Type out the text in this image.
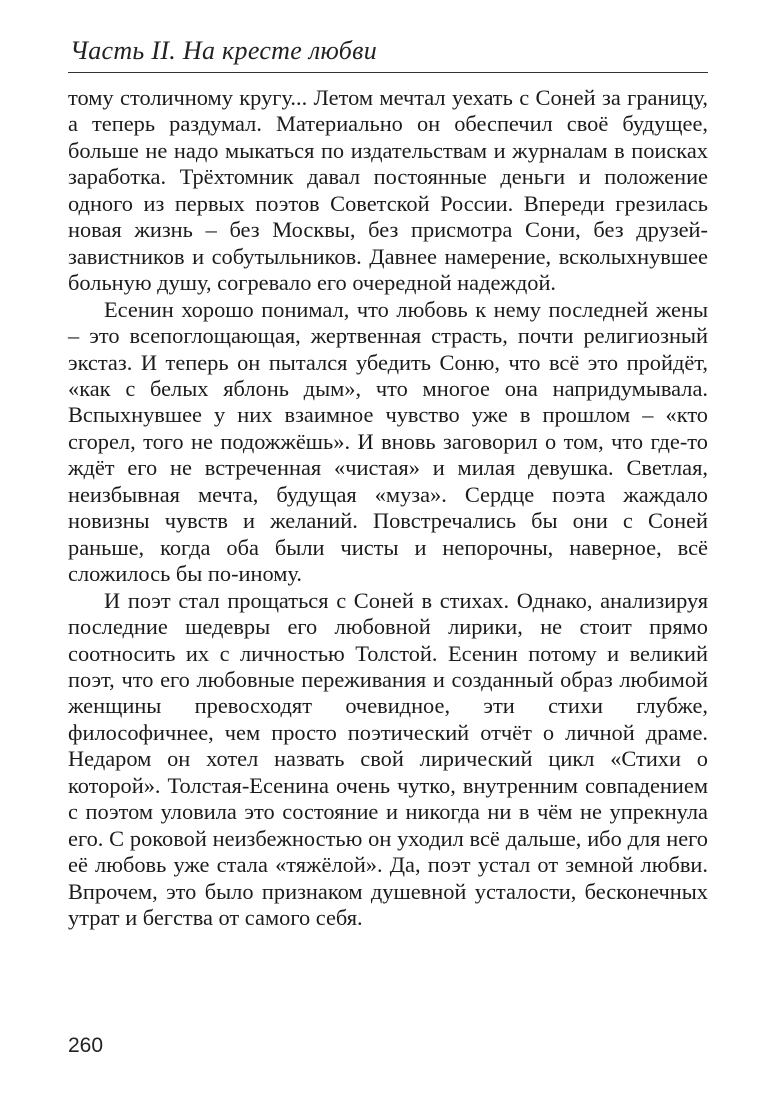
Часть II. На кресте любви

тому столичному кругу... Летом мечтал уехать с Соней за границу, а теперь раздумал. Материально он обеспечил своё будущее, больше не надо мыкаться по издательствам и журналам в поисках заработка. Трёхтомник давал постоянные деньги и положение одного из первых поэтов Советской России. Впереди грезилась новая жизнь – без Москвы, без присмотра Сони, без друзей-завистников и собутыльников. Давнее намерение, всколыхнувшее больную душу, согревало его очередной надеждой.

Есенин хорошо понимал, что любовь к нему последней жены – это всепоглощающая, жертвенная страсть, почти религиозный экстаз. И теперь он пытался убедить Соню, что всё это пройдёт, «как с белых яблонь дым», что многое она напридумывала. Вспыхнувшее у них взаимное чувство уже в прошлом – «кто сгорел, того не подожжёшь». И вновь заговорил о том, что где-то ждёт его не встреченная «чистая» и милая девушка. Светлая, неизбывная мечта, будущая «муза». Сердце поэта жаждало новизны чувств и желаний. Повстречались бы они с Соней раньше, когда оба были чисты и непорочны, наверное, всё сложилось бы по-иному.

И поэт стал прощаться с Соней в стихах. Однако, анализируя последние шедевры его любовной лирики, не стоит прямо соотносить их с личностью Толстой. Есенин потому и великий поэт, что его любовные переживания и созданный образ любимой женщины превосходят очевидное, эти стихи глубже, философичнее, чем просто поэтический отчёт о личной драме. Недаром он хотел назвать свой лирический цикл «Стихи о которой». Толстая-Есенина очень чутко, внутренним совпадением с поэтом уловила это состояние и никогда ни в чём не упрекнула его. С роковой неизбежностью он уходил всё дальше, ибо для него её любовь уже стала «тяжёлой». Да, поэт устал от земной любви. Впрочем, это было признаком душевной усталости, бесконечных утрат и бегства от самого себя.

260
